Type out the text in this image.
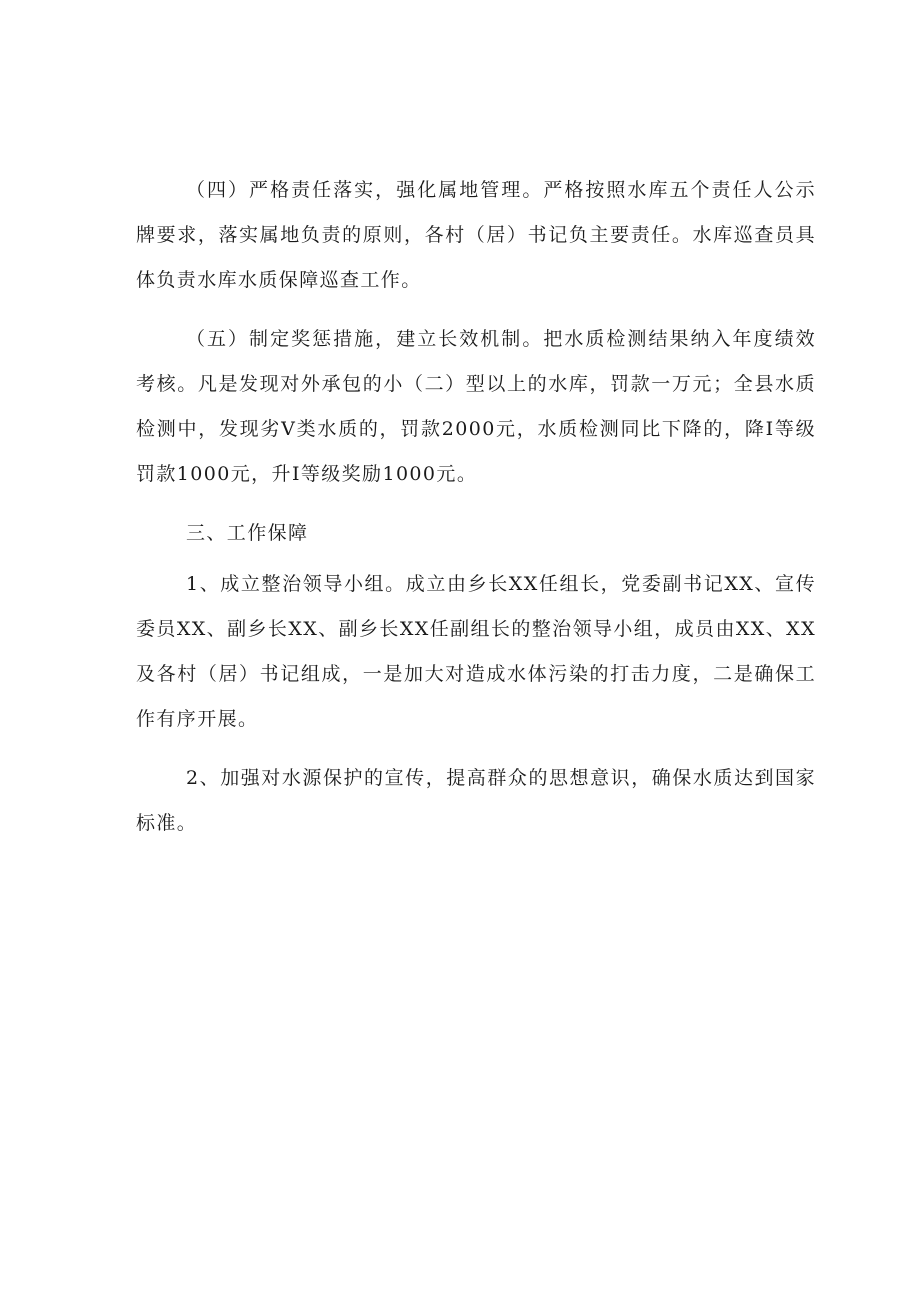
（四）严格责任落实，强化属地管理。严格按照水库五个责任人公示牌要求，落实属地负责的原则，各村（居）书记负主要责任。水库巡查员具体负责水库水质保障巡查工作。

（五）制定奖惩措施，建立长效机制。把水质检测结果纳入年度绩效考核。凡是发现对外承包的小（二）型以上的水库，罚款一万元；全县水质检测中，发现劣Ⅴ类水质的，罚款2000元，水质检测同比下降的，降Ⅰ等级罚款1000元，升Ⅰ等级奖励1000元。

三、工作保障

1、成立整治领导小组。成立由乡长XX任组长，党委副书记XX、宣传委员XX、副乡长XX、副乡长XX任副组长的整治领导小组，成员由XX、XX及各村（居）书记组成，一是加大对造成水体污染的打击力度，二是确保工作有序开展。

2、加强对水源保护的宣传，提高群众的思想意识，确保水质达到国家标准。
